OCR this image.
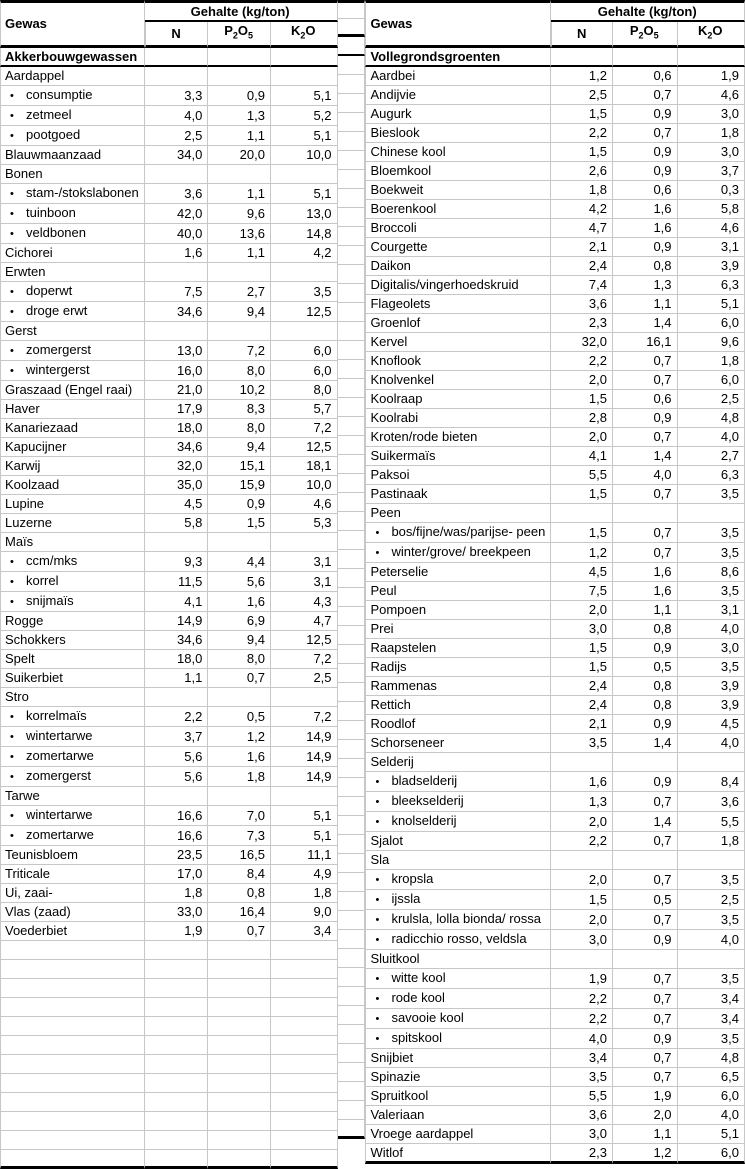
Gewas	Gehalte (kg/ton)		
	N	$P_2O_5$	$K_2O$
Akkerbouwgewassen			
Aardappel			
• consumptie	3,3	0,9	5,1
• zetmeel	4,0	1,3	5,2
• pootgoed	2,5	1,1	5,1
Blauwmaanzaad	34,0	20,0	10,0
Bonen			
• stam-/stokslabonen	3,6	1,1	5,1
• tuinboon	42,0	9,6	13,0
• veldbonen	40,0	13,6	14,8
Cichorei	1,6	1,1	4,2
Erwten			
• doperwt	7,5	2,7	3,5
• droge erwt	34,6	9,4	12,5
Gerst			
• zomergerst	13,0	7,2	6,0
• wintergerst	16,0	8,0	6,0
Graszaad (Engel raai)	21,0	10,2	8,0
Haver	17,9	8,3	5,7
Kanariezaad	18,0	8,0	7,2
Kapucijner	34,6	9,4	12,5
Karwij	32,0	15,1	18,1
Koolzaad	35,0	15,9	10,0
Lupine	4,5	0,9	4,6
Luzerne	5,8	1,5	5,3
Maïs			
• ccm/mks	9,3	4,4	3,1
• korrel	11,5	5,6	3,1
• snijmaïs	4,1	1,6	4,3
Rogge	14,9	6,9	4,7
Schokkers	34,6	9,4	12,5
Spelt	18,0	8,0	7,2
Suikerbiet	1,1	0,7	2,5
Stro			
• korrelmaïs	2,2	0,5	7,2
• wintertarwe	3,7	1,2	14,9
• zomertarwe	5,6	1,6	14,9
• zomergerst	5,6	1,8	14,9
Tarwe			
• wintertarwe	16,6	7,0	5,1
• zomertarwe	16,6	7,3	5,1
Teunisbloem	23,5	16,5	11,1
Triticale	17,0	8,4	4,9
Ui, zaai-	1,8	0,8	1,8
Vlas (zaad)	33,0	16,4	9,0
Voederbiet	1,9	0,7	3,4

Gewas	Gehalte (kg/ton)		
	N	$P_2O_5$	$K_2O$
Vollegrondsgroenten			
Aardbei	1,2	0,6	1,9
Andijvie	2,5	0,7	4,6
Augurk	1,5	0,9	3,0
Bieslook	2,2	0,7	1,8
Chinese kool	1,5	0,9	3,0
Bloemkool	2,6	0,9	3,7
Boekweit	1,8	0,6	0,3
Boerenkool	4,2	1,6	5,8
Broccoli	4,7	1,6	4,6
Courgette	2,1	0,9	3,1
Daikon	2,4	0,8	3,9
Digitalis/vingerhoedskruid	7,4	1,3	6,3
Flageolets	3,6	1,1	5,1
Groenlof	2,3	1,4	6,0
Kervel	32,0	16,1	9,6
Knoflook	2,2	0,7	1,8
Knolvenkel	2,0	0,7	6,0
Koolraap	1,5	0,6	2,5
Koolrabi	2,8	0,9	4,8
Kroten/rode bieten	2,0	0,7	4,0
Suikermaïs	4,1	1,4	2,7
Paksoi	5,5	4,0	6,3
Pastinaak	1,5	0,7	3,5
Peen			
• bos/fijne/was/parijse- peen	1,5	0,7	3,5
• winter/grove/ breekpeen	1,2	0,7	3,5
Peterselie	4,5	1,6	8,6
Peul	7,5	1,6	3,5
Pompoen	2,0	1,1	3,1
Prei	3,0	0,8	4,0
Raapstelen	1,5	0,9	3,0
Radijs	1,5	0,5	3,5
Rammenas	2,4	0,8	3,9
Rettich	2,4	0,8	3,9
Roodlof	2,1	0,9	4,5
Schorseneer	3,5	1,4	4,0
Selderij			
• bladselderij	1,6	0,9	8,4
• bleekselderij	1,3	0,7	3,6
• knolselderij	2,0	1,4	5,5
Sjalot	2,2	0,7	1,8
Sla			
• kropsla	2,0	0,7	3,5
• ijssla	1,5	0,5	2,5
• krulsla, lolla bionda/ rossa	2,0	0,7	3,5
• radicchio rosso, veldsla	3,0	0,9	4,0
Sluitkool			
• witte kool	1,9	0,7	3,5
• rode kool	2,2	0,7	3,4
• savooie kool	2,2	0,7	3,4
• spitskool	4,0	0,9	3,5
Snijbiet	3,4	0,7	4,8
Spinazie	3,5	0,7	6,5
Spruitkool	5,5	1,9	6,0
Valeriaan	3,6	2,0	4,0
Vroege aardappel	3,0	1,1	5,1
Witlof	2,3	1,2	6,0
